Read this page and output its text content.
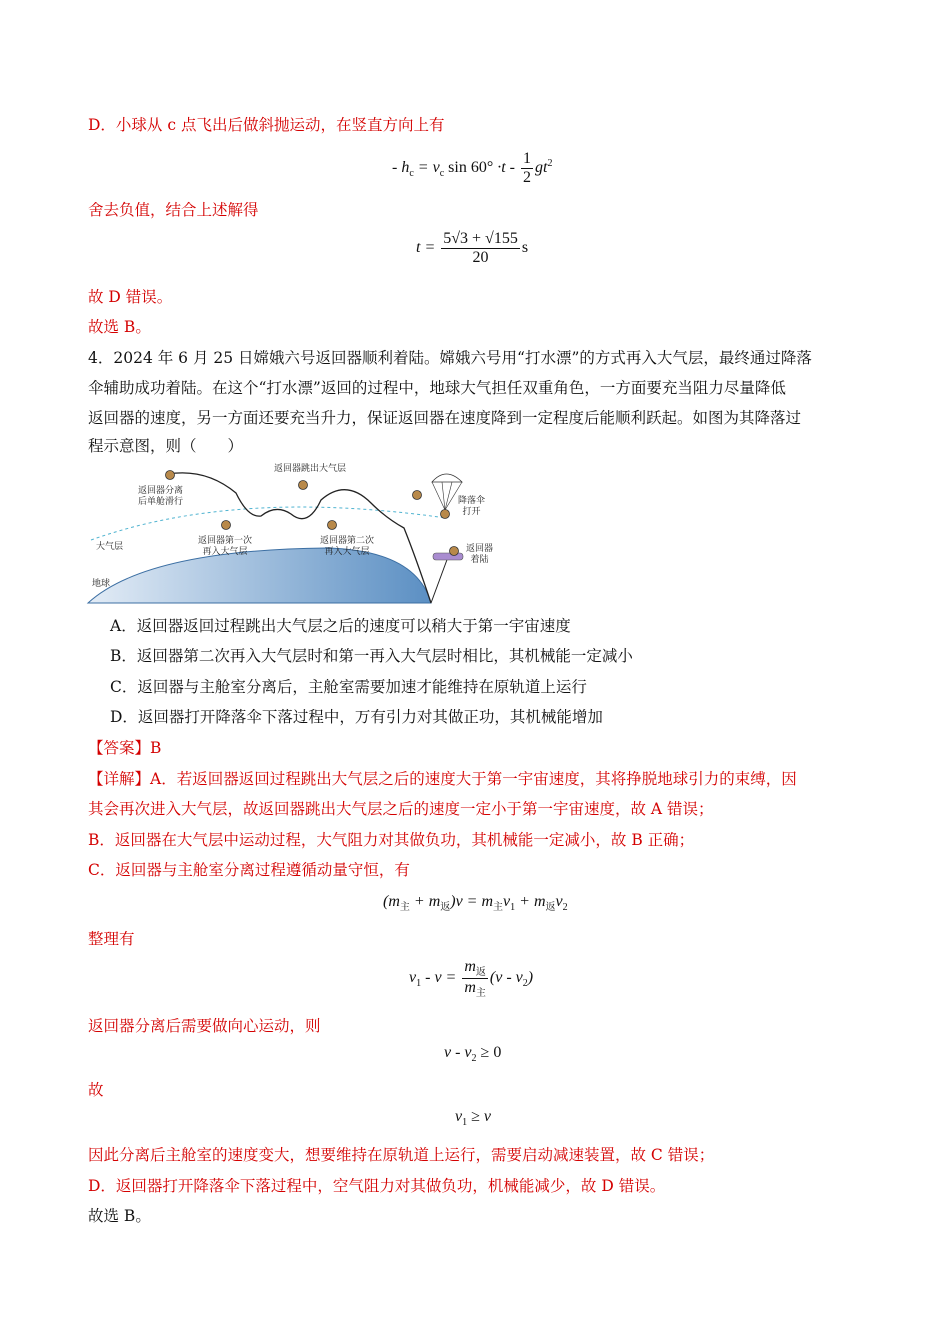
D．小球从 c 点飞出后做斜抛运动，在竖直方向上有
- $h_c = v_c$ $\sin 60^\circ \cdot t - \frac{1}{2} gt^2$
舍去负值，结合上述解得
$t = \frac{5√3 + √155}{20}$ s
故 D 错误。
故选 B。
4．2024 年 6 月 25 日嫦娥六号返回器顺利着陆。嫦娥六号用“打水漂”的方式再入大气层，最终通过降落
伞辅助成功着陆。在这个“打水漂”返回的过程中，地球大气担任双重角色，一方面要充当阻力尽量降低
返回器的速度，另一方面还要充当升力，保证返回器在速度降到一定程度后能顺利跃起。如图为其降落过
程示意图，则（　　）
返回器分离
后单舱滑行
返回器跳出大气层
返回器第一次
再入大气层
返回器第二次
再入大气层
降落伞
打开
返回器
着陆
大气层
地球
A．返回器返回过程跳出大气层之后的速度可以稍大于第一宇宙速度
B．返回器第二次再入大气层时和第一再入大气层时相比，其机械能一定减小
C．返回器与主舱室分离后，主舱室需要加速才能维持在原轨道上运行
D．返回器打开降落伞下落过程中，万有引力对其做正功，其机械能增加
【答案】B
【详解】A．若返回器返回过程跳出大气层之后的速度大于第一宇宙速度，其将挣脱地球引力的束缚，因
其会再次进入大气层，故返回器跳出大气层之后的速度一定小于第一宇宙速度，故 A 错误；
B．返回器在大气层中运动过程，大气阻力对其做负功，其机械能一定减小，故 B 正确；
C．返回器与主舱室分离过程遵循动量守恒，有
$(m_主 + m_返)v = m_主v_1 + m_返v_2$
整理有
$v_1 - v = \frac{m_返}{m_主} (v - v_2)$
返回器分离后需要做向心运动，则
$v - v_2 \ge 0$
故
$v_1 \ge v$
因此分离后主舱室的速度变大，想要维持在原轨道上运行，需要启动减速装置，故 C 错误；
D．返回器打开降落伞下落过程中，空气阻力对其做负功，机械能减少，故 D 错误。
故选 B。
